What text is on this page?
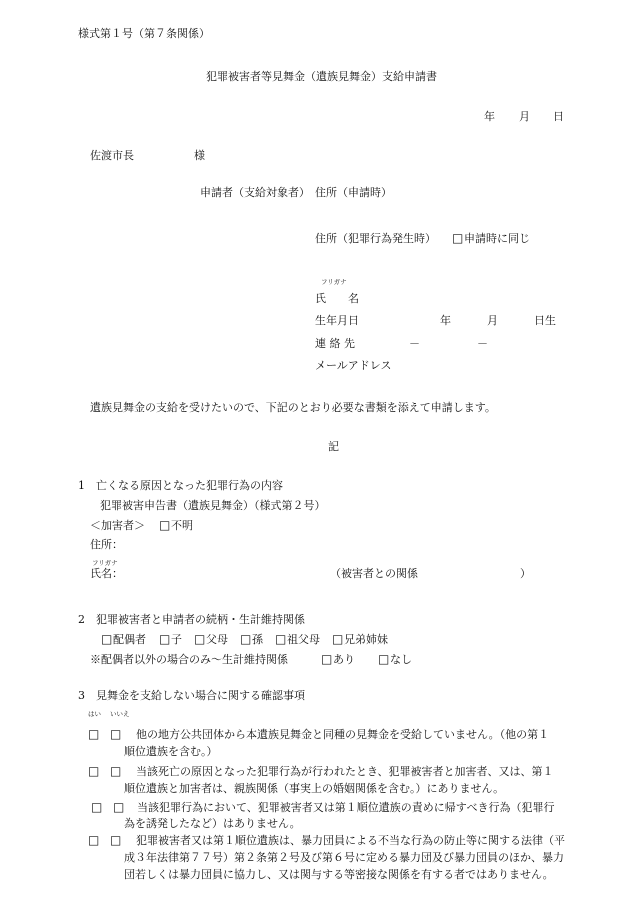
様式第１号（第７条関係）
犯罪被害者等見舞金（遺族見舞金）支給申請書
年 月 日
佐渡市長	様
申請者（支給対象者） 住所（申請時）
住所（犯罪行為発生時） □ 申請時に同じ
フリガナ
氏　　名
生年月日	年	月	日生
連 絡 先	－	－
メールアドレス
遺族見舞金の支給を受けたいので、下記のとおり必要な書類を添えて申請します。
記
1　亡くなる原因となった犯罪行為の内容
犯罪被害申告書（遺族見舞金）（様式第２号）
＜加害者＞ □ 不明
住所：
フリガナ
氏名：	（被害者との関係	）
2　犯罪被害者と申請者の続柄・生計維持関係
□ 配偶者 □ 子 □ 父母 □ 孫 □ 祖父母 □ 兄弟姉妹
※配偶者以外の場合のみ〜生計維持関係	□ あり □ なし
3　見舞金を支給しない場合に関する確認事項
はい いいえ
□ □ 他の地方公共団体から本遺族見舞金と同種の見舞金を受給していません。（他の第１
順位遺族を含む。）
□ □ 当該死亡の原因となった犯罪行為が行われたとき、犯罪被害者と加害者、又は、第１
順位遺族と加害者は、親族関係（事実上の婚姻関係を含む。）にありません。
□ □ 当該犯罪行為において、犯罪被害者又は第１順位遺族の責めに帰すべき行為（犯罪行
為を誘発したなど）はありません。
□ □ 犯罪被害者又は第１順位遺族は、暴力団員による不当な行為の防止等に関する法律（平
成３年法律第７７号）第２条第２号及び第６号に定める暴力団及び暴力団員のほか、暴力
団若しくは暴力団員に協力し、又は関与する等密接な関係を有する者ではありません。
